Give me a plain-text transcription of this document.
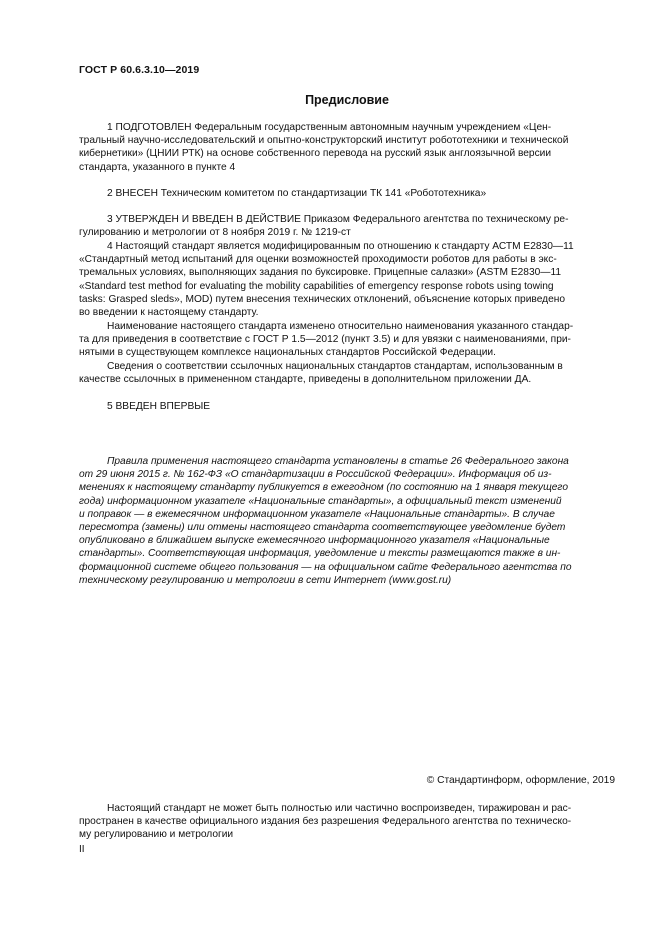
ГОСТ Р 60.6.3.10—2019
Предисловие
1 ПОДГОТОВЛЕН Федеральным государственным автономным научным учреждением «Цен-
тральный научно-исследовательский и опытно-конструкторский институт робототехники и технической
кибернетики» (ЦНИИ РТК) на основе собственного перевода на русский язык англоязычной версии
стандарта, указанного в пункте 4
2 ВНЕСЕН Техническим комитетом по стандартизации ТК 141 «Робототехника»
3 УТВЕРЖДЕН И ВВЕДЕН В ДЕЙСТВИЕ Приказом Федерального агентства по техническому ре-
гулированию и метрологии от 8 ноября 2019 г. № 1219-ст
4 Настоящий стандарт является модифицированным по отношению к стандарту АСТМ Е2830—11
«Стандартный метод испытаний для оценки возможностей проходимости роботов для работы в экс-
тремальных условиях, выполняющих задания по буксировке. Прицепные салазки» (ASTM E2830—11
«Standard test method for evaluating the mobility capabilities of emergency response robots using towing
tasks: Grasped sleds», MOD) путем внесения технических отклонений, объяснение которых приведено
во введении к настоящему стандарту.
Наименование настоящего стандарта изменено относительно наименования указанного стандар-
та для приведения в соответствие с ГОСТ Р 1.5—2012 (пункт 3.5) и для увязки с наименованиями, при-
нятыми в существующем комплексе национальных стандартов Российской Федерации.
Сведения о соответствии ссылочных национальных стандартов стандартам, использованным в
качестве ссылочных в примененном стандарте, приведены в дополнительном приложении ДА.
5 ВВЕДЕН ВПЕРВЫЕ
Правила применения настоящего стандарта установлены в статье 26 Федерального закона
от 29 июня 2015 г. № 162-ФЗ «О стандартизации в Российской Федерации». Информация об из-
менениях к настоящему стандарту публикуется в ежегодном (по состоянию на 1 января текущего
года) информационном указателе «Национальные стандарты», а официальный текст изменений
и поправок — в ежемесячном информационном указателе «Национальные стандарты». В случае
пересмотра (замены) или отмены настоящего стандарта соответствующее уведомление будет
опубликовано в ближайшем выпуске ежемесячного информационного указателя «Национальные
стандарты». Соответствующая информация, уведомление и тексты размещаются также в ин-
формационной системе общего пользования — на официальном сайте Федерального агентства по
техническому регулированию и метрологии в сети Интернет (www.gost.ru)
© Стандартинформ, оформление, 2019
Настоящий стандарт не может быть полностью или частично воспроизведен, тиражирован и рас-
пространен в качестве официального издания без разрешения Федерального агентства по техническо-
му регулированию и метрологии
II
